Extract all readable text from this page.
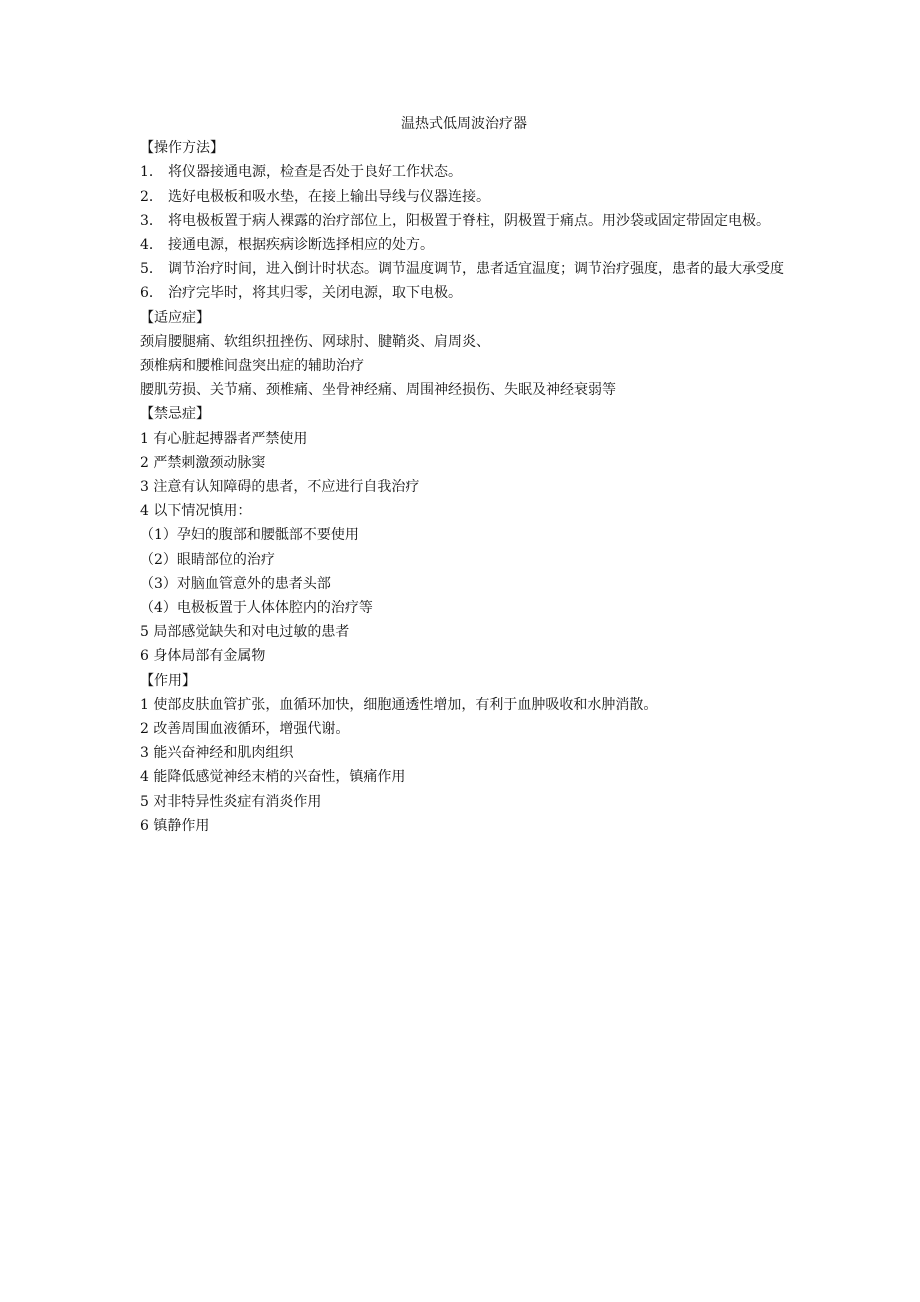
温热式低周波治疗器

【操作方法】

1． 将仪器接通电源，检查是否处于良好工作状态。
2． 选好电极板和吸水垫，在接上输出导线与仪器连接。
3． 将电极板置于病人裸露的治疗部位上，阳极置于脊柱，阴极置于痛点。用沙袋或固定带固定电极。
4． 接通电源，根据疾病诊断选择相应的处方。
5． 调节治疗时间，进入倒计时状态。调节温度调节，患者适宜温度；调节治疗强度，患者的最大承受度
6． 治疗完毕时，将其归零，关闭电源，取下电极。

【适应症】

颈肩腰腿痛、软组织扭挫伤、网球肘、腱鞘炎、肩周炎、

颈椎病和腰椎间盘突出症的辅助治疗

腰肌劳损、关节痛、颈椎痛、坐骨神经痛、周围神经损伤、失眠及神经衰弱等

【禁忌症】

1 有心脏起搏器者严禁使用

2 严禁刺激颈动脉窦

3 注意有认知障碍的患者，不应进行自我治疗

4 以下情况慎用：

（1）孕妇的腹部和腰骶部不要使用

（2）眼睛部位的治疗

（3）对脑血管意外的患者头部

（4）电极板置于人体体腔内的治疗等

5 局部感觉缺失和对电过敏的患者

6 身体局部有金属物

【作用】

1 使部皮肤血管扩张，血循环加快，细胞通透性增加，有利于血肿吸收和水肿消散。

2 改善周围血液循环，增强代谢。

3 能兴奋神经和肌肉组织

4 能降低感觉神经末梢的兴奋性，镇痛作用

5 对非特异性炎症有消炎作用

6 镇静作用
